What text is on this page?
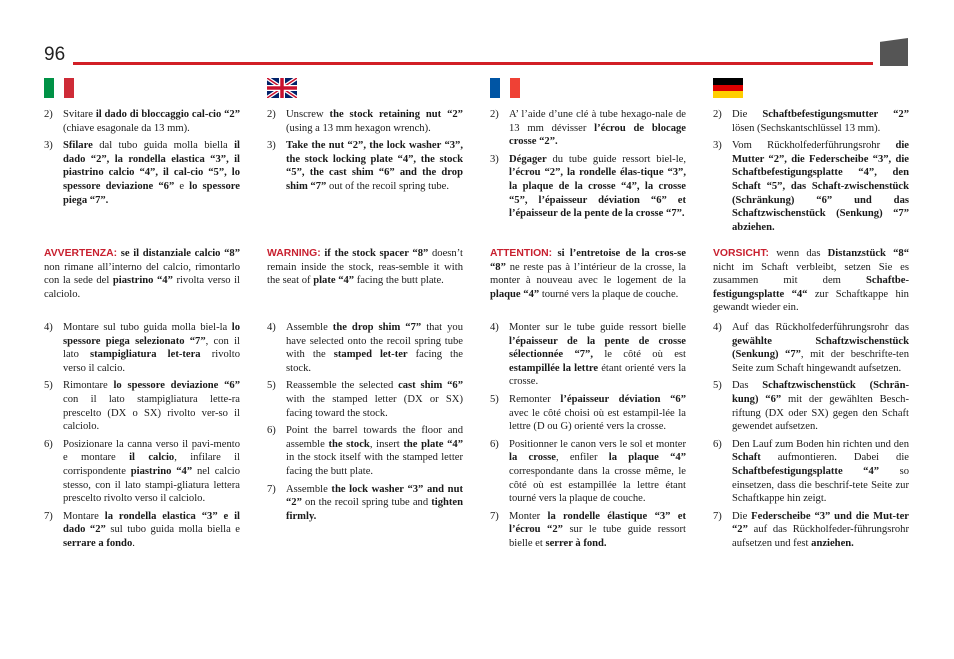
96
2) Svitare il dado di bloccaggio cal-cio “2” (chiave esagonale da 13 mm).
3) Sfilare dal tubo guida molla biella il dado “2”, la rondella elastica “3”, il piastrino calcio “4”, il cal-cio “5”, lo spessore deviazione “6” e lo spessore piega “7”.
AVVERTENZA: se il distanziale calcio “8” non rimane all’interno del calcio, rimontarlo con la sede del piastrino “4” rivolta verso il calciolo.
4) Montare sul tubo guida molla biel-la lo spessore piega selezionato “7”, con il lato stampigliatura let-tera rivolto verso il calcio.
5) Rimontare lo spessore deviazione “6” con il lato stampigliatura lette-ra prescelto (DX o SX) rivolto ver-so il calciolo.
6) Posizionare la canna verso il pavi-mento e montare il calcio, infilare il corrispondente piastrino “4” nel calcio stesso, con il lato stampi-gliatura lettera prescelto rivolto verso il calciolo.
7) Montare la rondella elastica “3” e il dado “2” sul tubo guida molla biella e serrare a fondo.
2) Unscrew the stock retaining nut “2” (using a 13 mm hexagon wrench).
3) Take the nut “2”, the lock washer “3”, the stock locking plate “4”, the stock “5”, the cast shim “6” and the drop shim “7” out of the recoil spring tube.
WARNING: if the stock spacer “8” doesn’t remain inside the stock, reas-semble it with the seat of plate “4” facing the butt plate.
4) Assemble the drop shim “7” that you have selected onto the recoil spring tube with the stamped let-ter facing the stock.
5) Reassemble the selected cast shim “6” with the stamped letter (DX or SX) facing toward the stock.
6) Point the barrel towards the floor and assemble the stock, insert the plate “4” in the stock itself with the stamped letter facing the butt plate.
7) Assemble the lock washer “3” and nut “2” on the recoil spring tube and tighten firmly.
2) A’ l’aide d’une clé à tube hexago-nale de 13 mm dévisser l’écrou de blocage crosse “2”.
3) Dégager du tube guide ressort biel-le, l’écrou “2”, la rondelle élas-tique “3”, la plaque de la crosse “4”, la crosse “5”, l’épaisseur déviation “6” et l’épaisseur de la pente de la crosse “7”.
ATTENTION: si l’entretoise de la cros-se “8” ne reste pas à l’intérieur de la crosse, la monter à nouveau avec le logement de la plaque “4” tourné vers la plaque de couche.
4) Monter sur le tube guide ressort bielle l’épaisseur de la pente de crosse sélectionnée “7”, le côté où est estampillée la lettre étant orienté vers la crosse.
5) Remonter l’épaisseur déviation “6” avec le côté choisi où est estampil-lée la lettre (D ou G) orienté vers la crosse.
6) Positionner le canon vers le sol et monter la crosse, enfiler la plaque “4” correspondante dans la crosse même, le côté où est estampillée la lettre étant tourné vers la plaque de couche.
7) Monter la rondelle élastique “3” et l’écrou “2” sur le tube guide ressort bielle et serrer à fond.
2) Die Schaftbefestigungsmutter “2” lösen (Sechskantschlüssel 13 mm).
3) Vom Rückholfederführungsrohr die Mutter “2”, die Federscheibe “3”, die Schaftbefestigungsplatte “4”, den Schaft “5”, das Schaft-zwischenstück (Schränkung) “6” und das Schaftzwischenstück (Senkung) “7” abziehen.
VORSICHT: wenn das Distanzstück “8“ nicht im Schaft verbleibt, setzen Sie es zusammen mit dem Schaftbe-festigungsplatte “4“ zur Schaftkappe hin gewandt wieder ein.
4) Auf das Rückholfederführungsrohr das gewählte Schaftzwischenstück (Senkung) “7”, mit der beschrifte-ten Seite zum Schaft hingewandt aufsetzen.
5) Das Schaftzwischenstück (Schrän-kung) “6” mit der gewählten Besch-riftung (DX oder SX) gegen den Schaft gewendet aufsetzen.
6) Den Lauf zum Boden hin richten und den Schaft aufmontieren. Dabei die Schaftbefestigungsplatte “4” so einsetzen, dass die beschrif-tete Seite zur Schaftkappe hin zeigt.
7) Die Federscheibe “3” und die Mut-ter “2” auf das Rückholfeder-führungsrohr aufsetzen und fest anziehen.
